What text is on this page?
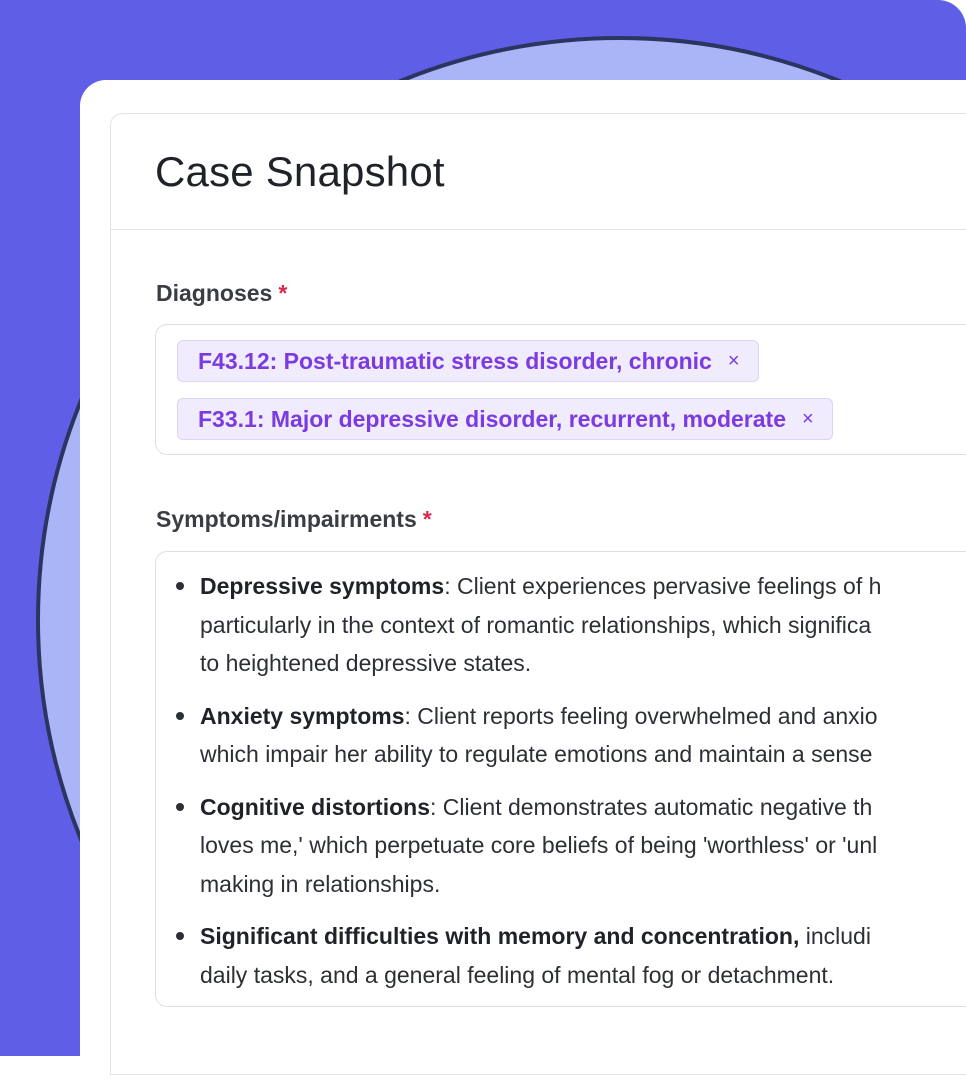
Case Snapshot

Diagnoses *

F43.12: Post-traumatic stress disorder, chronic ×
F33.1: Major depressive disorder, recurrent, moderate ×

Symptoms/impairments *

Depressive symptoms: Client experiences pervasive feelings of h
particularly in the context of romantic relationships, which significa
to heightened depressive states.
Anxiety symptoms: Client reports feeling overwhelmed and anxio
which impair her ability to regulate emotions and maintain a sense
Cognitive distortions: Client demonstrates automatic negative th
loves me,' which perpetuate core beliefs of being 'worthless' or 'unl
making in relationships.
Significant difficulties with memory and concentration, includi
daily tasks, and a general feeling of mental fog or detachment.
